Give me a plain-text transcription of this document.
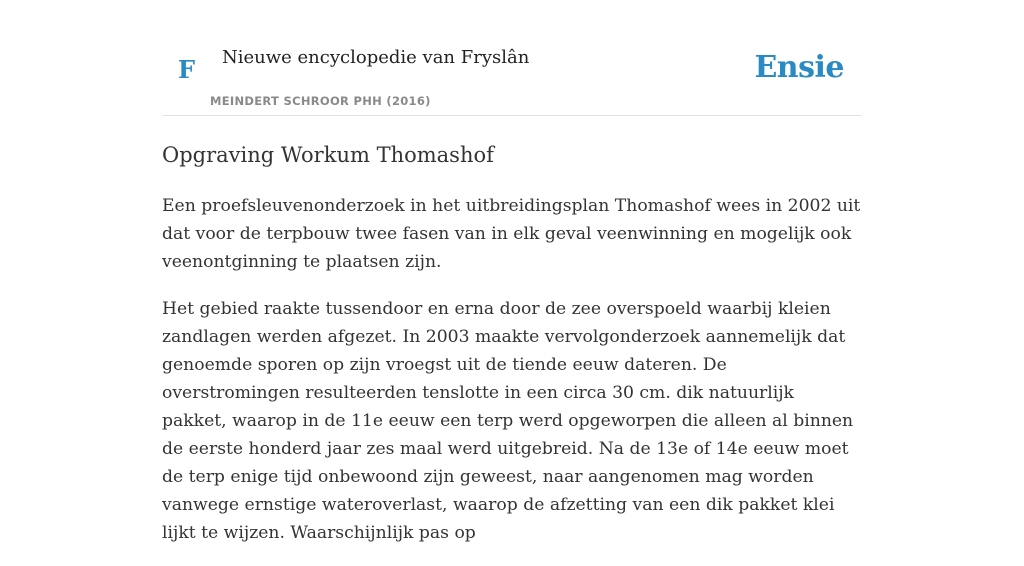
F Nieuwe encyclopedie van Fryslân
MEINDERT SCHROOR PHH (2016)
Ensie
Opgraving Workum Thomashof

Een proefsleuvenonderzoek in het uitbreidingsplan Thomashof wees in 2002 uit dat voor de terpbouw twee fasen van in elk geval veenwinning en mogelijk ook veenontginning te plaatsen zijn.

Het gebied raakte tussendoor en erna door de zee overspoeld waarbij kleien zandlagen werden afgezet. In 2003 maakte vervolgonderzoek aannemelijk dat genoemde sporen op zijn vroegst uit de tiende eeuw dateren. De overstromingen resulteerden tenslotte in een circa 30 cm. dik natuurlijk pakket, waarop in de 11e eeuw een terp werd opgeworpen die alleen al binnen de eerste honderd jaar zes maal werd uitgebreid. Na de 13e of 14e eeuw moet de terp enige tijd onbewoond zijn geweest, naar aangenomen mag worden vanwege ernstige wateroverlast, waarop de afzetting van een dik pakket klei lijkt te wijzen. Waarschijnlijk pas op
